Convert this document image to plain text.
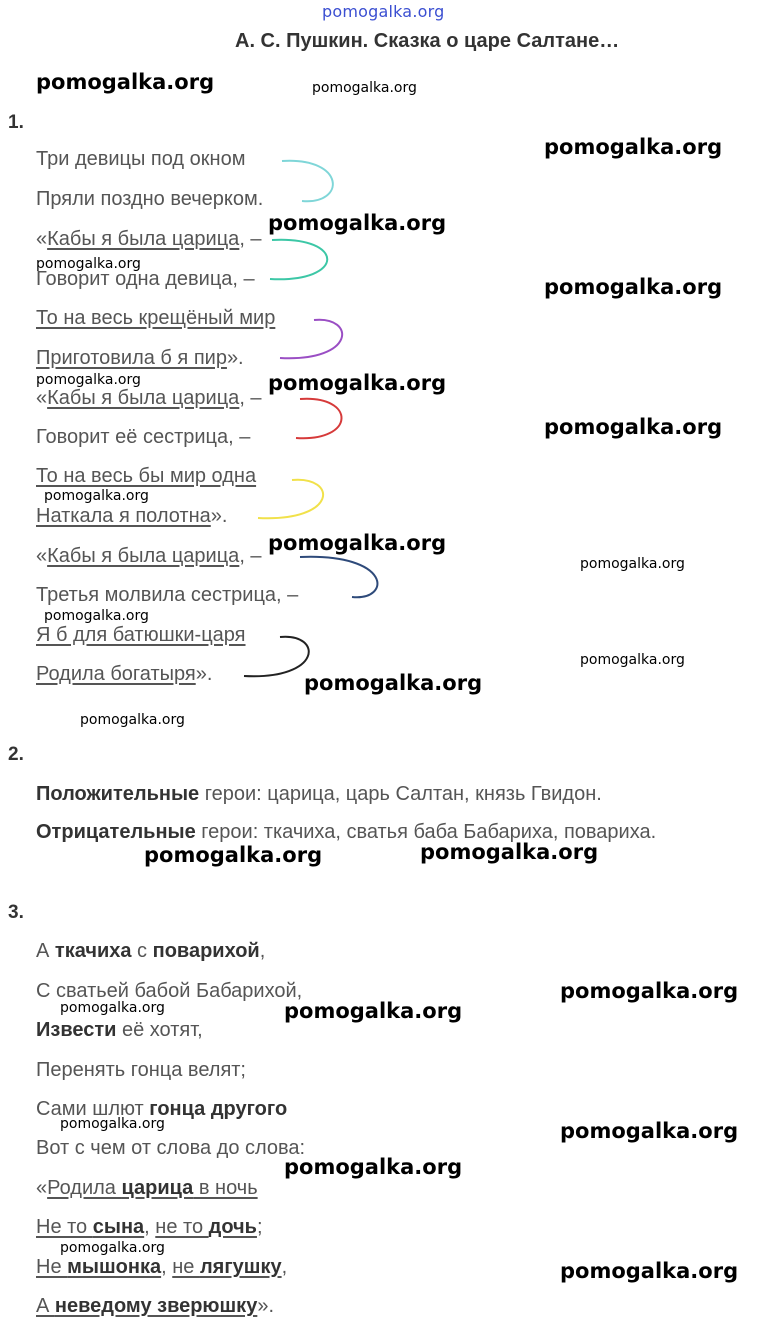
pomogalka.org
А. С. Пушкин. Сказка о царе Салтане…
1.
Три девицы под окном
Пряли поздно вечерком.
«Кабы я была царица, –
Говорит одна девица, –
То на весь крещёный мир
Приготовила б я пир».
«Кабы я была царица, –
Говорит её сестрица, –
То на весь бы мир одна
Наткала я полотна».
«Кабы я была царица, –
Третья молвила сестрица, –
Я б для батюшки-царя
Родила богатыря».
2.
Положительные герои: царица, царь Салтан, князь Гвидон.
Отрицательные герои: ткачиха, сватья баба Бабариха, повариха.
3.
А ткачиха с поварихой,
С сватьей бабой Бабарихой,
Извести её хотят,
Перенять гонца велят;
Сами шлют гонца другого
Вот с чем от слова до слова:
«Родила царица в ночь
Не то сына, не то дочь;
Не мышонка, не лягушку,
А неведому зверюшку».
pomogalka.org	pomogalka.org
pomogalka.org
pomogalka.org
pomogalka.org
pomogalka.org
pomogalka.org	pomogalka.org
pomogalka.org
pomogalka.org
pomogalka.org
pomogalka.org
pomogalka.org
pomogalka.org
pomogalka.org
pomogalka.org
pomogalka.org	pomogalka.org
pomogalka.org
pomogalka.org	pomogalka.org
pomogalka.org
pomogalka.org
pomogalka.org
pomogalka.org
pomogalka.org
